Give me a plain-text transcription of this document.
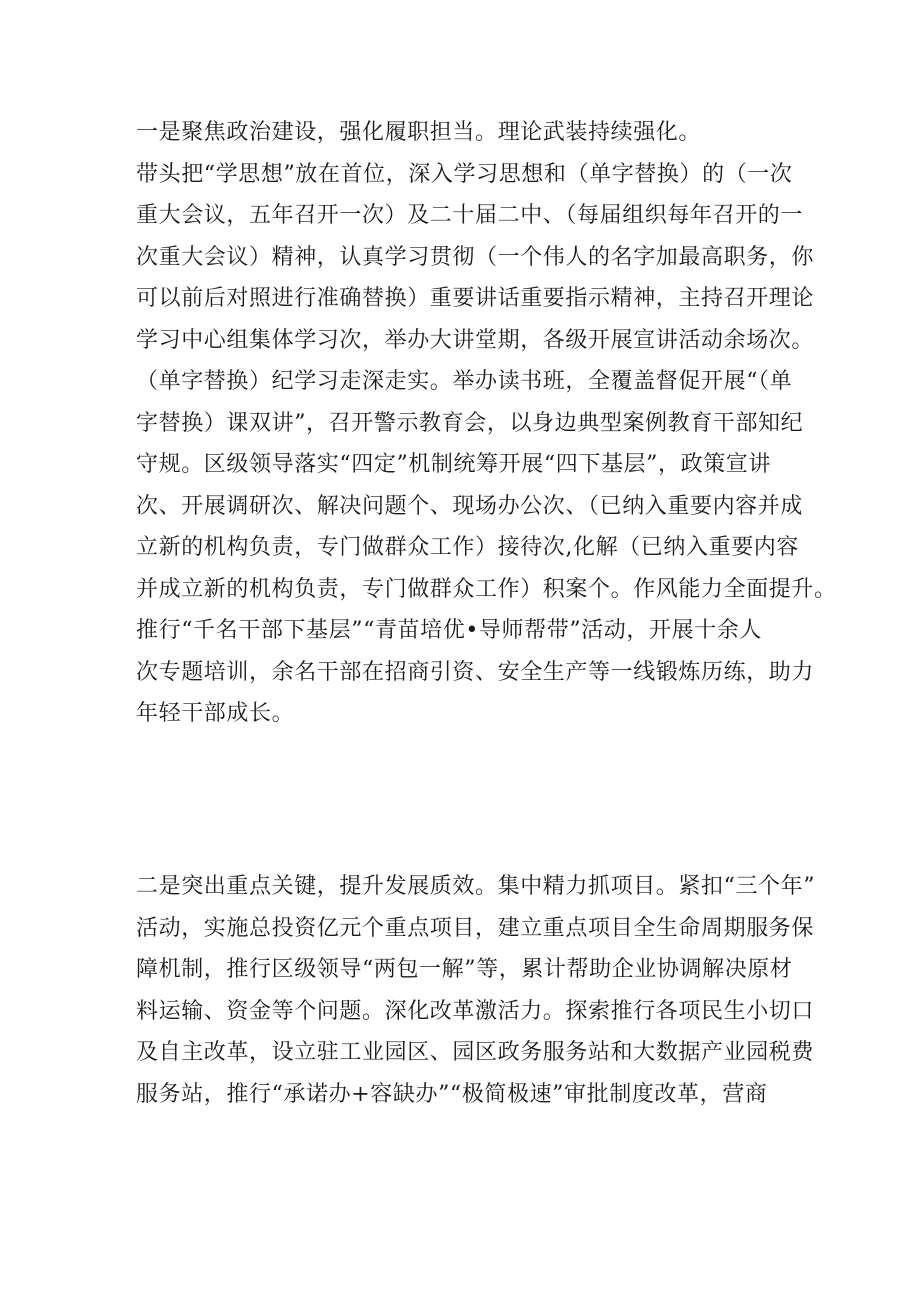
一是聚焦政治建设，强化履职担当。理论武装持续强化。
带头把“学思想”放在首位，深入学习思想和（单字替换）的（一次
重大会议，五年召开一次）及二十届二中、（每届组织每年召开的一
次重大会议）精神，认真学习贯彻（一个伟人的名字加最高职务，你
可以前后对照进行准确替换）重要讲话重要指示精神，主持召开理论
学习中心组集体学习次，举办大讲堂期，各级开展宣讲活动余场次。
（单字替换）纪学习走深走实。举办读书班，全覆盖督促开展“（单
字替换）课双讲”，召开警示教育会，以身边典型案例教育干部知纪
守规。区级领导落实“四定”机制统筹开展“四下基层”，政策宣讲
次、开展调研次、解决问题个、现场办公次、（已纳入重要内容并成
立新的机构负责，专门做群众工作）接待次,化解（已纳入重要内容
并成立新的机构负责，专门做群众工作）积案个。作风能力全面提升。
推行“千名干部下基层”“青苗培优•导师帮带”活动，开展十余人
次专题培训，余名干部在招商引资、安全生产等一线锻炼历练，助力
年轻干部成长。
二是突出重点关键，提升发展质效。集中精力抓项目。紧扣“三个年”
活动，实施总投资亿元个重点项目，建立重点项目全生命周期服务保
障机制，推行区级领导“两包一解”等，累计帮助企业协调解决原材
料运输、资金等个问题。深化改革激活力。探索推行各项民生小切口
及自主改革，设立驻工业园区、园区政务服务站和大数据产业园税费
服务站，推行“承诺办+容缺办”“极简极速”审批制度改革，营商
